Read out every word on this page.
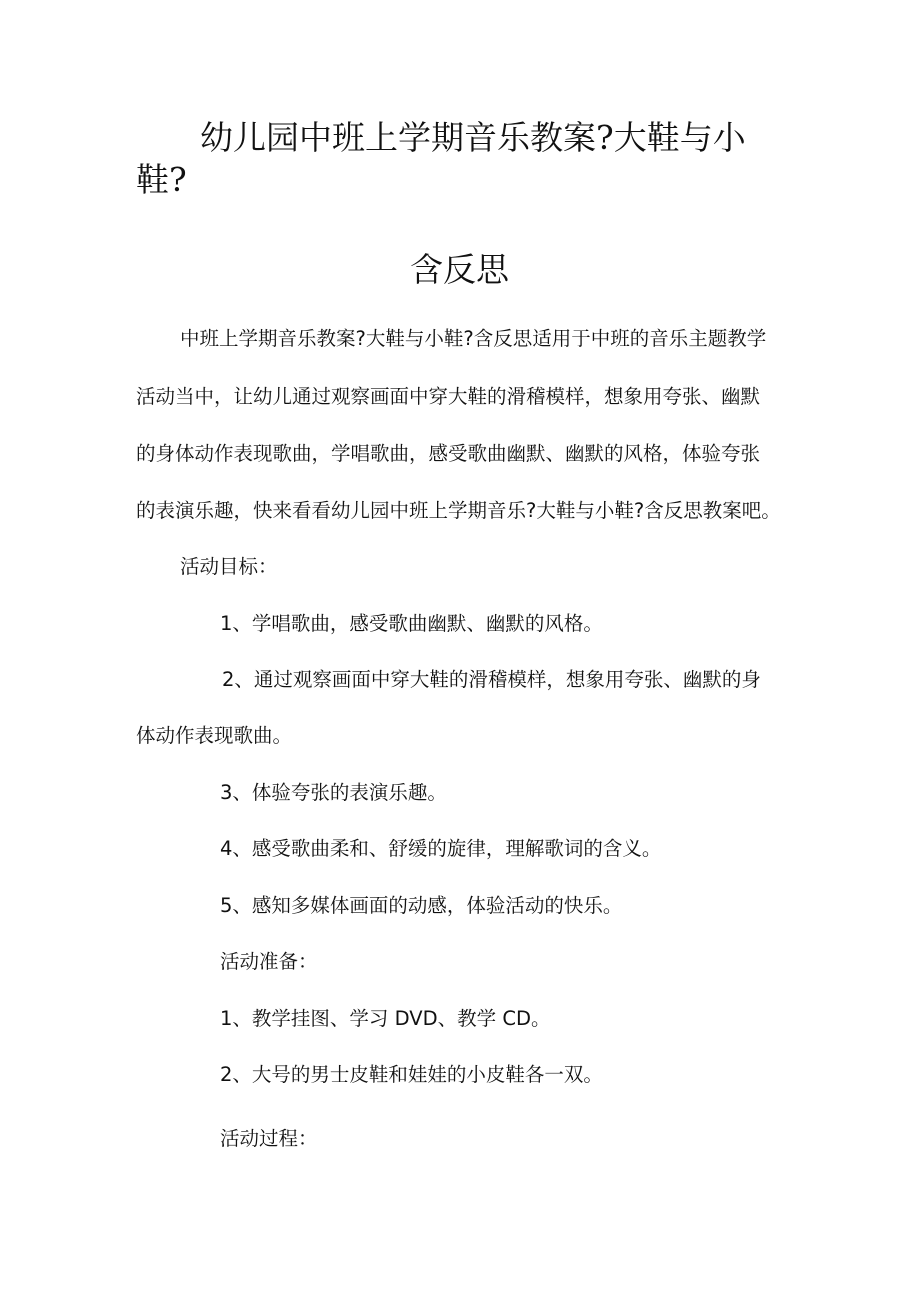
幼儿园中班上学期音乐教案?大鞋与小
鞋?
含反思
中班上学期音乐教案?大鞋与小鞋?含反思适用于中班的音乐主题教学
活动当中，让幼儿通过观察画面中穿大鞋的滑稽模样，想象用夸张、幽默
的身体动作表现歌曲，学唱歌曲，感受歌曲幽默、幽默的风格，体验夸张
的表演乐趣，快来看看幼儿园中班上学期音乐?大鞋与小鞋?含反思教案吧。
活动目标：
1、学唱歌曲，感受歌曲幽默、幽默的风格。
2、通过观察画面中穿大鞋的滑稽模样，想象用夸张、幽默的身
体动作表现歌曲。
3、体验夸张的表演乐趣。
4、感受歌曲柔和、舒缓的旋律，理解歌词的含义。
5、感知多媒体画面的动感，体验活动的快乐。
活动准备：
1、教学挂图、学习 DVD、教学 CD。
2、大号的男士皮鞋和娃娃的小皮鞋各一双。
活动过程：
